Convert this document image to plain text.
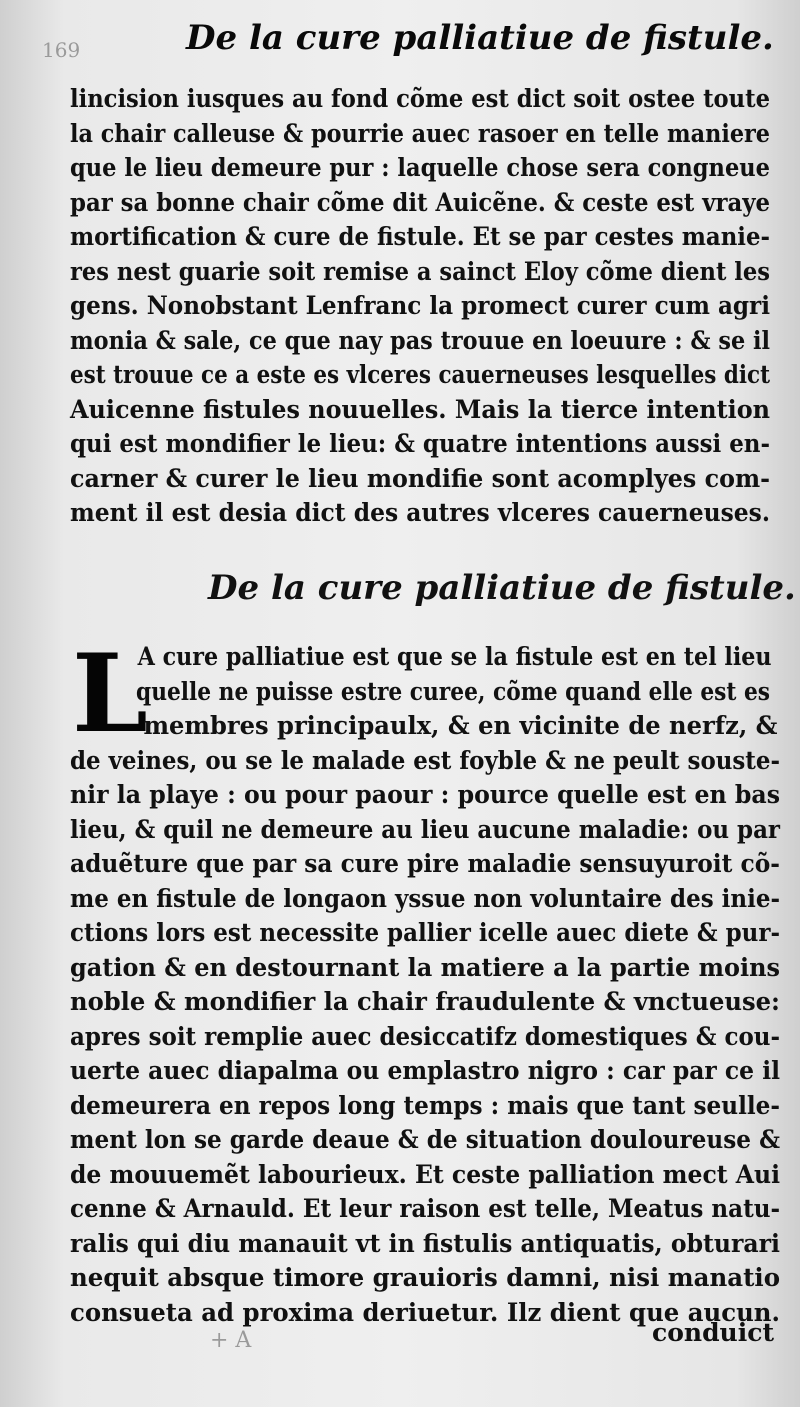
169	De la cure palliatiue de fistule.
lincision iusques au fond cõme est dict soit ostee toute
la chair calleuse & pourrie auec rasoer en telle maniere
que le lieu demeure pur : laquelle chose sera congneue
par sa bonne chair cõme dit Auicẽne. & ceste est vraye
mortification & cure de fistule. Et se par cestes manie-
res nest guarie soit remise a sainct Eloy cõme dient les
gens. Nonobstant Lenfranc la promect curer cum agri
monia & sale, ce que nay pas trouue en loeuure : & se il
est trouue ce a este es vlceres cauerneuses lesquelles dict
Auicenne fistules nouuelles. Mais la tierce intention
qui est mondifier le lieu: & quatre intentions aussi en-
carner & curer le lieu mondifie sont acomplyes com-
ment il est desia dict des autres vlceres cauerneuses.
De la cure palliatiue de fistule.
L
A cure palliatiue est que se la fistule est en tel lieu
quelle ne puisse estre curee, cõme quand elle est es
membres principaulx, & en vicinite de nerfz, &
de veines, ou se le malade est foyble & ne peult souste-
nir la playe : ou pour paour : pource quelle est en bas
lieu, & quil ne demeure au lieu aucune maladie: ou par
aduẽture que par sa cure pire maladie sensuyuroit cõ-
me en fistule de longaon yssue non voluntaire des inie-
ctions lors est necessite pallier icelle auec diete & pur-
gation & en destournant la matiere a la partie moins
noble & mondifier la chair fraudulente & vnctueuse:
apres soit remplie auec desiccatifz domestiques & cou-
uerte auec diapalma ou emplastro nigro : car par ce il
demeurera en repos long temps : mais que tant seulle-
ment lon se garde deaue & de situation douloureuse &
de mouuemẽt labourieux. Et ceste palliation mect Aui
cenne & Arnauld. Et leur raison est telle, Meatus natu-
ralis qui diu manauit vt in fistulis antiquatis, obturari
nequit absque timore grauioris damni, nisi manatio
consueta ad proxima deriuetur. Ilz dient que aucun.
conduict
+ A
